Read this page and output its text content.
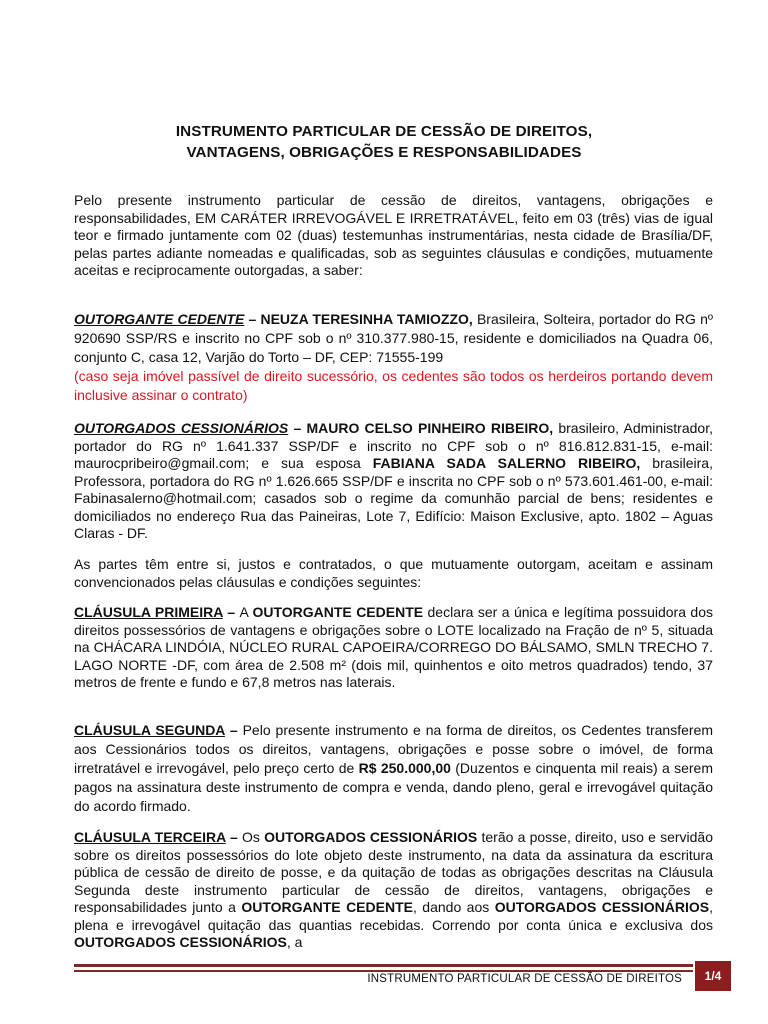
INSTRUMENTO PARTICULAR DE CESSÃO DE DIREITOS,
VANTAGENS, OBRIGAÇÕES E RESPONSABILIDADES

Pelo presente instrumento particular de cessão de direitos, vantagens, obrigações e responsabilidades, EM CARÁTER IRREVOGÁVEL E IRRETRATÁVEL, feito em 03 (três) vias de igual teor e firmado juntamente com 02 (duas) testemunhas instrumentárias, nesta cidade de Brasília/DF, pelas partes adiante nomeadas e qualificadas, sob as seguintes cláusulas e condições, mutuamente aceitas e reciprocamente outorgadas, a saber:

OUTORGANTE CEDENTE – NEUZA TERESINHA TAMIOZZO, Brasileira, Solteira, portador do RG nº 920690 SSP/RS e inscrito no CPF sob o nº 310.377.980-15, residente e domiciliados na Quadra 06, conjunto C, casa 12, Varjão do Torto – DF, CEP: 71555-199
(caso seja imóvel passível de direito sucessório, os cedentes são todos os herdeiros portando devem inclusive assinar o contrato)

OUTORGADOS CESSIONÁRIOS – MAURO CELSO PINHEIRO RIBEIRO, brasileiro, Administrador, portador do RG nº 1.641.337 SSP/DF e inscrito no CPF sob o nº 816.812.831-15, e-mail: maurocpribeiro@gmail.com; e sua esposa FABIANA SADA SALERNO RIBEIRO, brasileira, Professora, portadora do RG nº 1.626.665 SSP/DF e inscrita no CPF sob o nº 573.601.461-00, e-mail: Fabinasalerno@hotmail.com; casados sob o regime da comunhão parcial de bens; residentes e domiciliados no endereço Rua das Paineiras, Lote 7, Edifício: Maison Exclusive, apto. 1802 – Aguas Claras - DF.

As partes têm entre si, justos e contratados, o que mutuamente outorgam, aceitam e assinam convencionados pelas cláusulas e condições seguintes:

CLÁUSULA PRIMEIRA – A OUTORGANTE CEDENTE declara ser a única e legítima possuidora dos direitos possessórios de vantagens e obrigações sobre o LOTE localizado na Fração de nº 5, situada na CHÁCARA LINDÓIA, NÚCLEO RURAL CAPOEIRA/CORREGO DO BÁLSAMO, SMLN TRECHO 7. LAGO NORTE -DF, com área de 2.508 m² (dois mil, quinhentos e oito metros quadrados) tendo, 37 metros de frente e fundo e 67,8 metros nas laterais.

CLÁUSULA SEGUNDA – Pelo presente instrumento e na forma de direitos, os Cedentes transferem aos Cessionários todos os direitos, vantagens, obrigações e posse sobre o imóvel, de forma irretratável e irrevogável, pelo preço certo de R$ 250.000,00 (Duzentos e cinquenta mil reais) a serem pagos na assinatura deste instrumento de compra e venda, dando pleno, geral e irrevogável quitação do acordo firmado.

CLÁUSULA TERCEIRA – Os OUTORGADOS CESSIONÁRIOS terão a posse, direito, uso e servidão sobre os direitos possessórios do lote objeto deste instrumento, na data da assinatura da escritura pública de cessão de direito de posse, e da quitação de todas as obrigações descritas na Cláusula Segunda deste instrumento particular de cessão de direitos, vantagens, obrigações e responsabilidades junto a OUTORGANTE CEDENTE, dando aos OUTORGADOS CESSIONÁRIOS, plena e irrevogável quitação das quantias recebidas. Correndo por conta única e exclusiva dos OUTORGADOS CESSIONÁRIOS, a

INSTRUMENTO PARTICULAR DE CESSÃO DE DIREITOS	1/4
